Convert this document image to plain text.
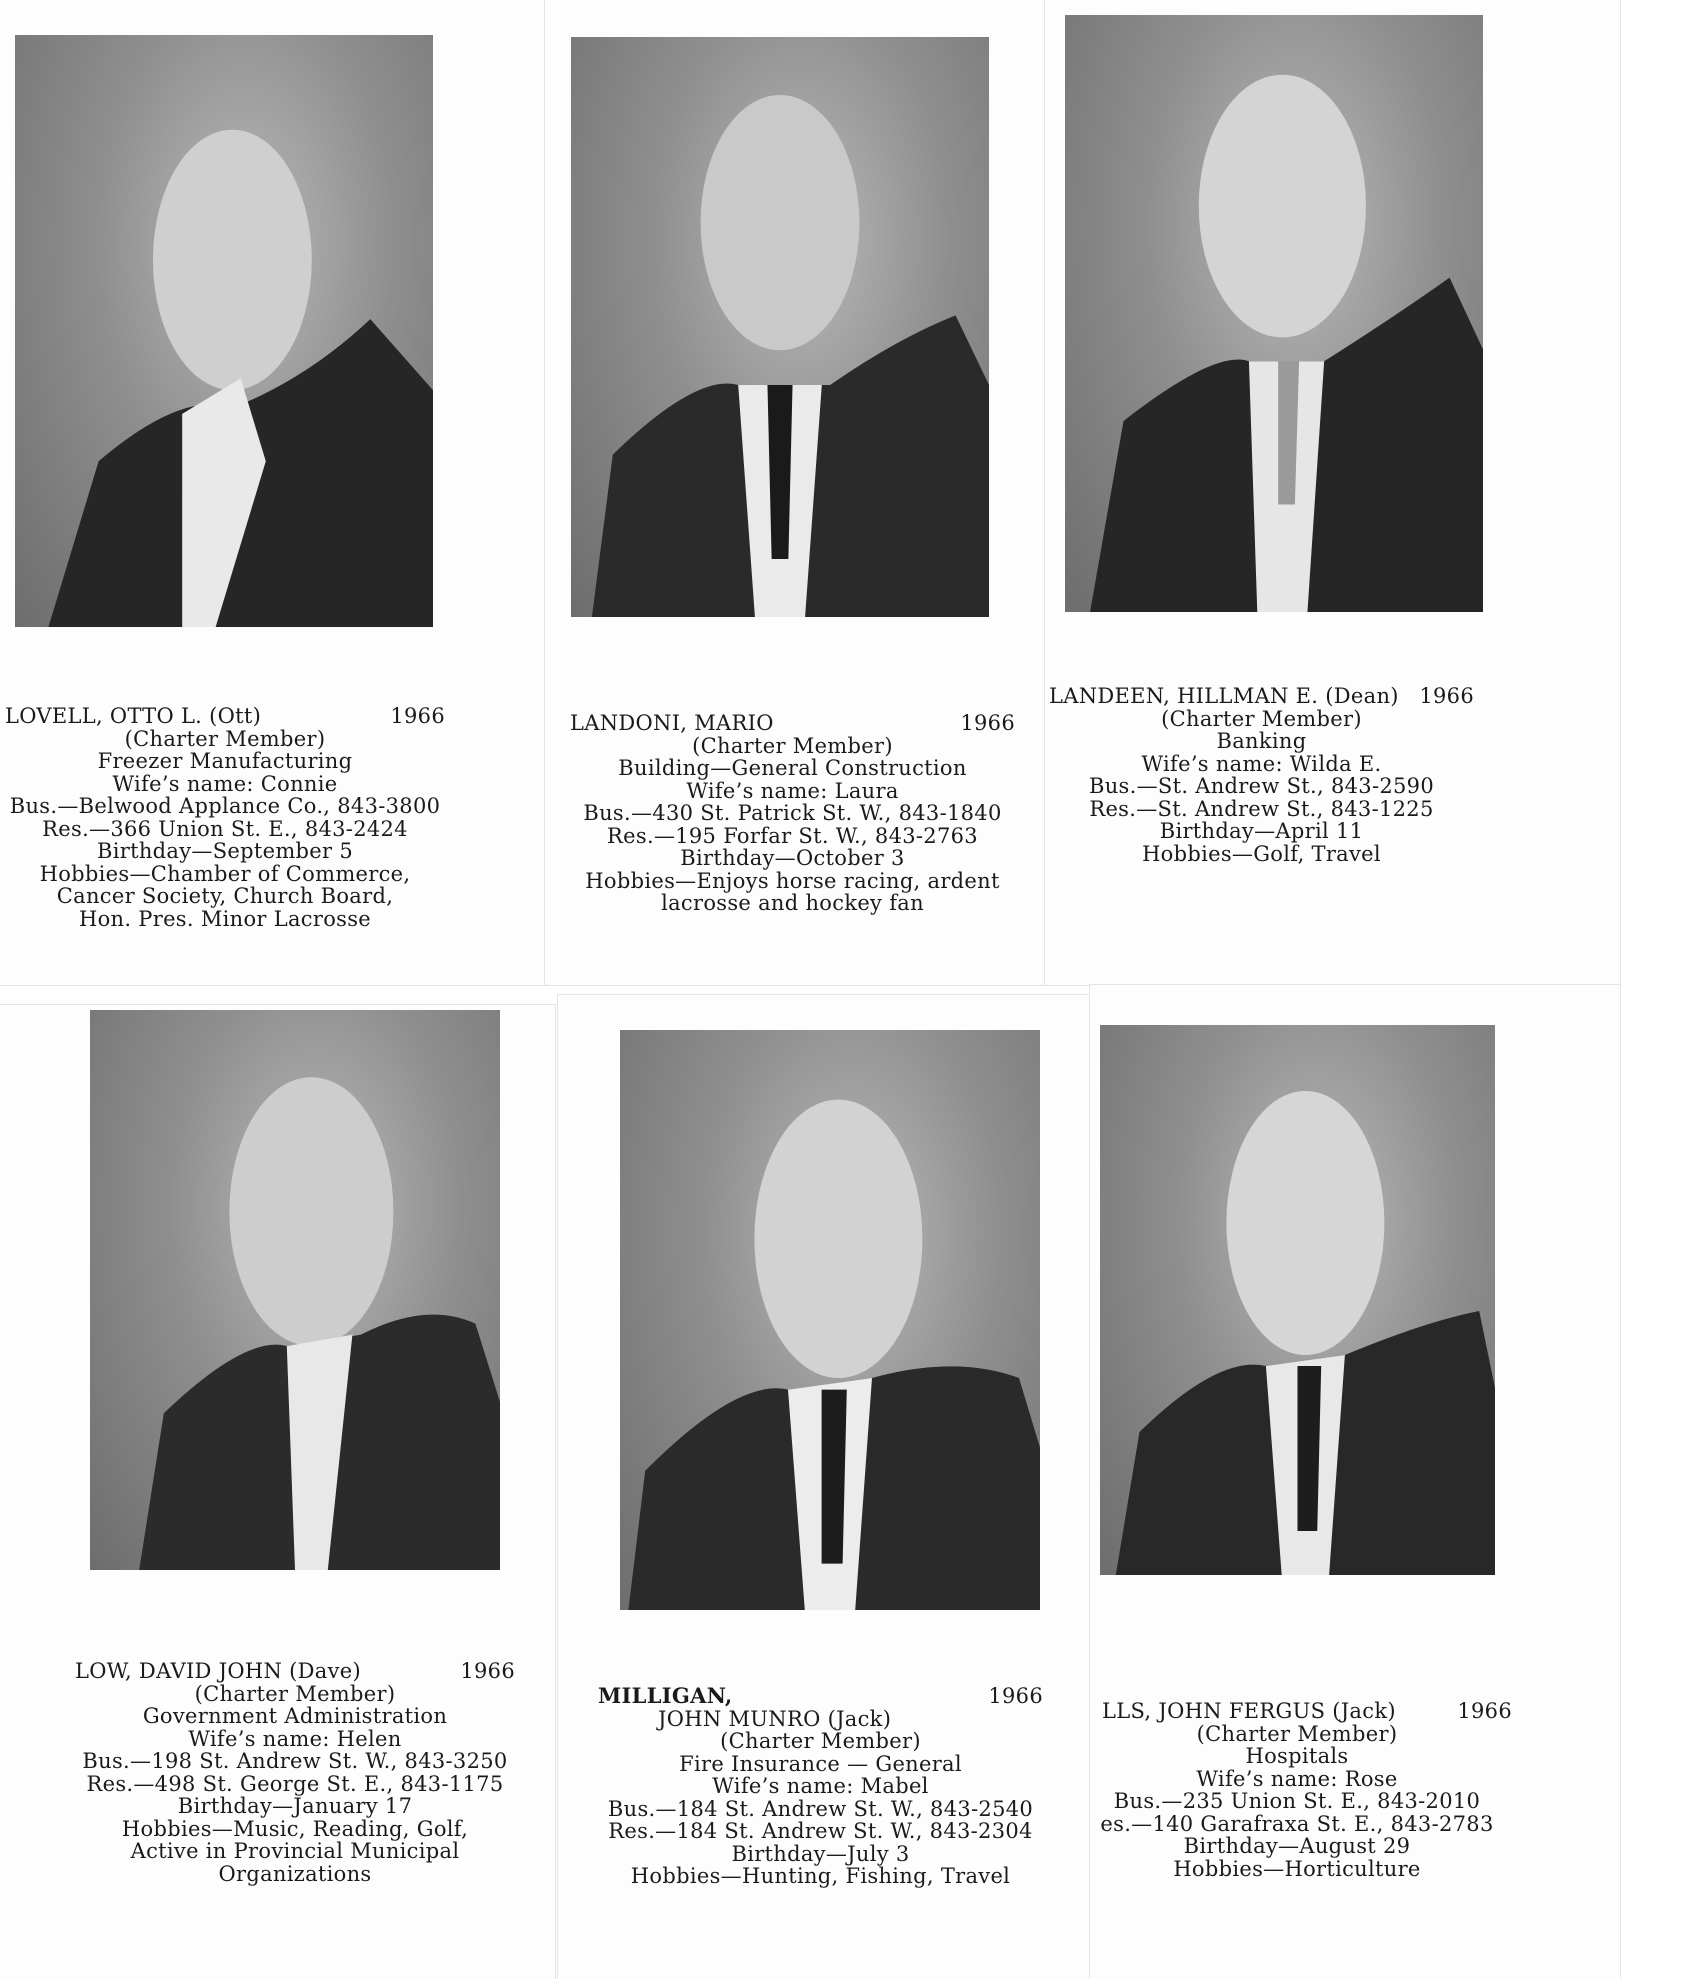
LOVELL, OTTO L. (Ott)	1966
(Charter Member)
Freezer Manufacturing
Wife’s name: Connie
Bus.—Belwood Applance Co., 843-3800
Res.—366 Union St. E., 843-2424
Birthday—September 5
Hobbies—Chamber of Commerce,
Cancer Society, Church Board,
Hon. Pres. Minor Lacrosse
LANDONI, MARIO	1966
(Charter Member)
Building—General Construction
Wife’s name: Laura
Bus.—430 St. Patrick St. W., 843-1840
Res.—195 Forfar St. W., 843-2763
Birthday—October 3
Hobbies—Enjoys horse racing, ardent
lacrosse and hockey fan
LANDEEN, HILLMAN E. (Dean) 1966
(Charter Member)
Banking
Wife’s name: Wilda E.
Bus.—St. Andrew St., 843-2590
Res.—St. Andrew St., 843-1225
Birthday—April 11
Hobbies—Golf, Travel
LOW, DAVID JOHN (Dave)	1966
(Charter Member)
Government Administration
Wife’s name: Helen
Bus.—198 St. Andrew St. W., 843-3250
Res.—498 St. George St. E., 843-1175
Birthday—January 17
Hobbies—Music, Reading, Golf,
Active in Provincial Municipal
Organizations
MILLIGAN,	1966
JOHN MUNRO (Jack)
(Charter Member)
Fire Insurance — General
Wife’s name: Mabel
Bus.—184 St. Andrew St. W., 843-2540
Res.—184 St. Andrew St. W., 843-2304
Birthday—July 3
Hobbies—Hunting, Fishing, Travel
LLS, JOHN FERGUS (Jack)	1966
(Charter Member)
Hospitals
Wife’s name: Rose
Bus.—235 Union St. E., 843-2010
es.—140 Garafraxa St. E., 843-2783
Birthday—August 29
Hobbies—Horticulture
